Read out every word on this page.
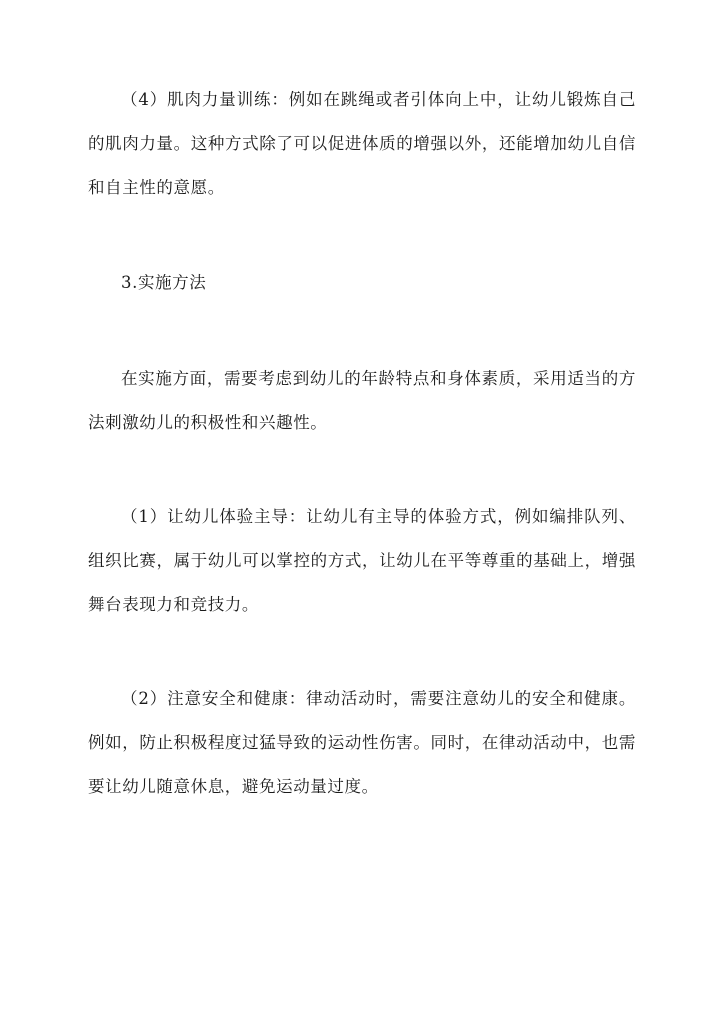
（4）肌肉力量训练：例如在跳绳或者引体向上中，让幼儿锻炼自己的肌肉力量。这种方式除了可以促进体质的增强以外，还能增加幼儿自信和自主性的意愿。

3.实施方法

在实施方面，需要考虑到幼儿的年龄特点和身体素质，采用适当的方法刺激幼儿的积极性和兴趣性。

（1）让幼儿体验主导：让幼儿有主导的体验方式，例如编排队列、组织比赛，属于幼儿可以掌控的方式，让幼儿在平等尊重的基础上，增强舞台表现力和竞技力。

（2）注意安全和健康：律动活动时，需要注意幼儿的安全和健康。例如，防止积极程度过猛导致的运动性伤害。同时，在律动活动中，也需要让幼儿随意休息，避免运动量过度。
